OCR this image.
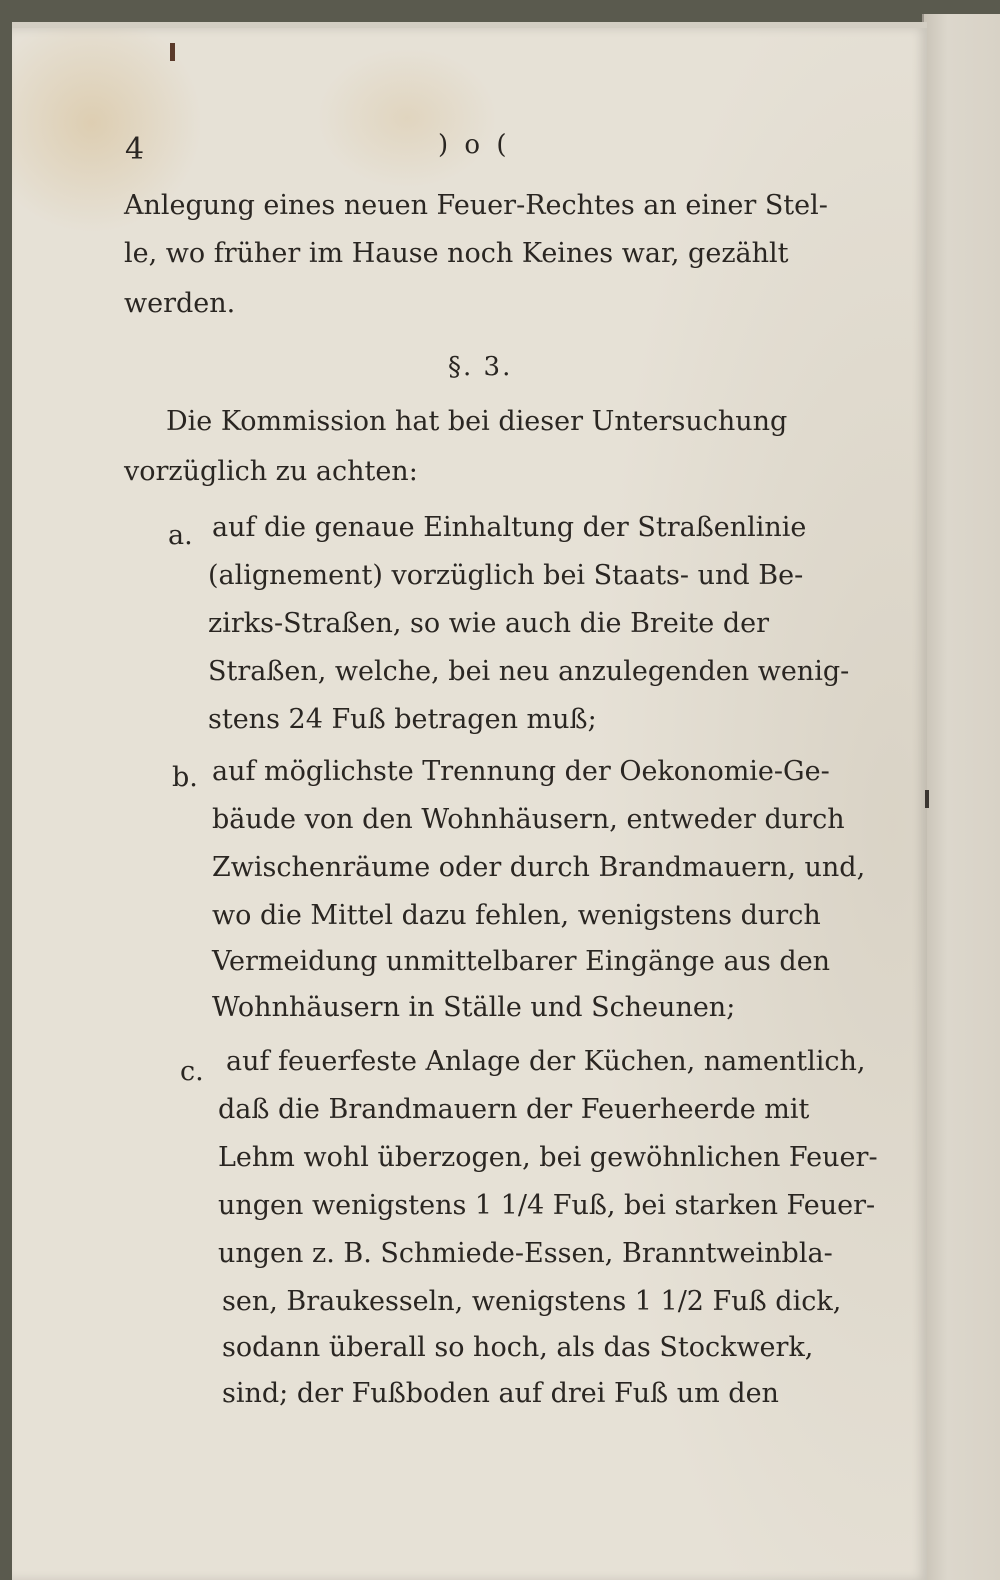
4	) o (
§. 3.
Anlegung eines neuen Feuer-Rechtes an einer Stel-
le, wo früher im Hause noch Keines war, gezählt
werden.
Die Kommission hat bei dieser Untersuchung
vorzüglich zu achten:
a. auf die genaue Einhaltung der Straßenlinie
(alignement) vorzüglich bei Staats- und Be-
zirks-Straßen, so wie auch die Breite der
Straßen, welche, bei neu anzulegenden wenig-
stens 24 Fuß betragen muß;
b. auf möglichste Trennung der Oekonomie-Ge-
bäude von den Wohnhäusern, entweder durch
Zwischenräume oder durch Brandmauern, und,
wo die Mittel dazu fehlen, wenigstens durch
Vermeidung unmittelbarer Eingänge aus den
Wohnhäusern in Ställe und Scheunen;
c. auf feuerfeste Anlage der Küchen, namentlich,
daß die Brandmauern der Feuerheerde mit
Lehm wohl überzogen, bei gewöhnlichen Feuer-
ungen wenigstens 1 1/4 Fuß, bei starken Feuer-
ungen z. B. Schmiede-Essen, Branntweinbla-
sen, Braukesseln, wenigstens 1 1/2 Fuß dick,
sodann überall so hoch, als das Stockwerk,
sind; der Fußboden auf drei Fuß um den
